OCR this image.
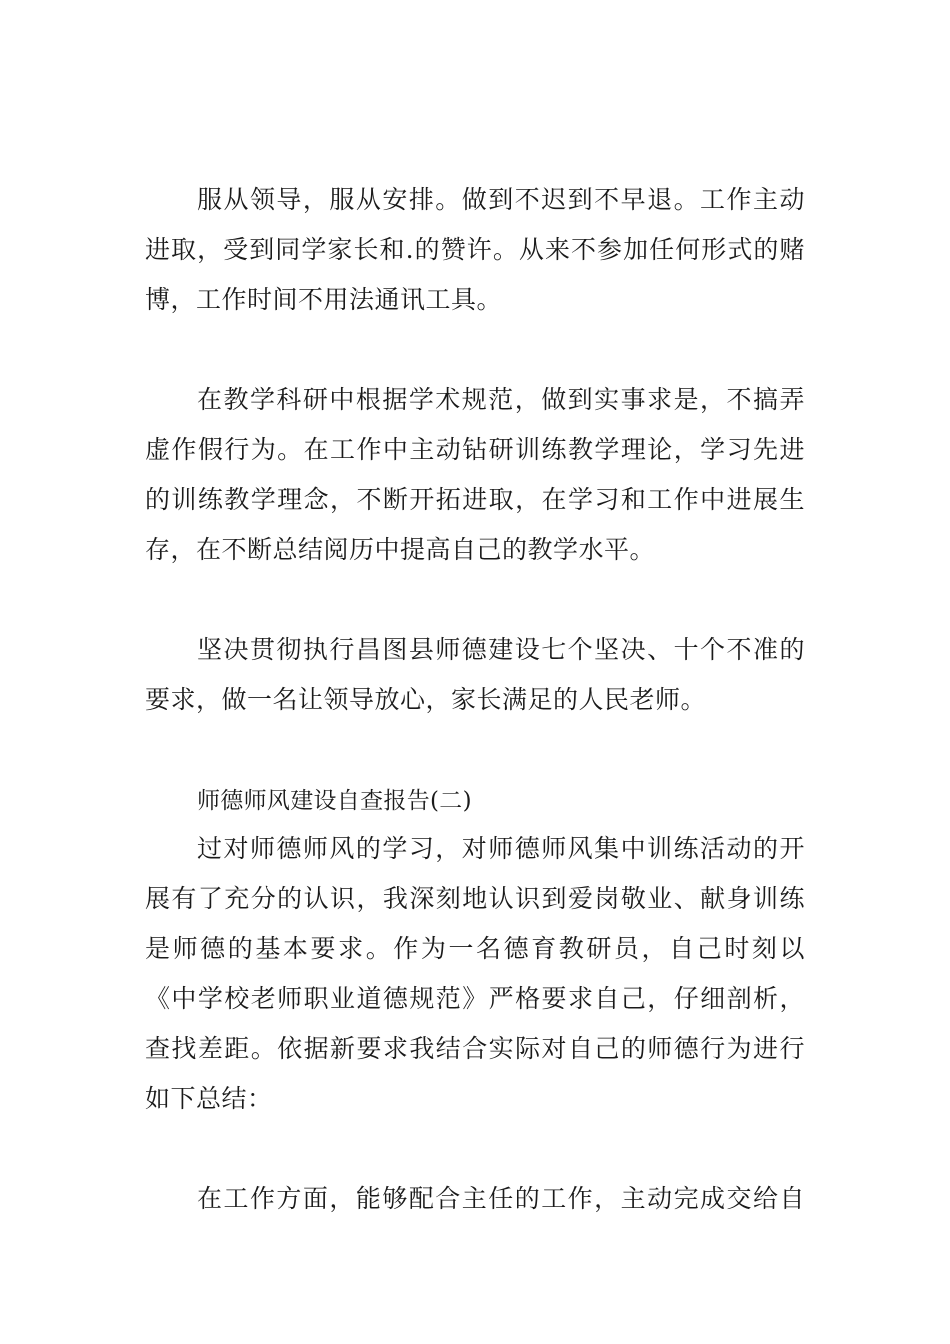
服从领导，服从安排。做到不迟到不早退。工作主动
进取，受到同学家长和.的赞许。从来不参加任何形式的赌
博，工作时间不用法通讯工具。
在教学科研中根据学术规范，做到实事求是，不搞弄
虚作假行为。在工作中主动钻研训练教学理论，学习先进
的训练教学理念，不断开拓进取，在学习和工作中进展生
存，在不断总结阅历中提高自己的教学水平。
坚决贯彻执行昌图县师德建设七个坚决、十个不准的
要求，做一名让领导放心，家长满足的人民老师。
师德师风建设自查报告(二)
过对师德师风的学习，对师德师风集中训练活动的开
展有了充分的认识，我深刻地认识到爱岗敬业、献身训练
是师德的基本要求。作为一名德育教研员，自己时刻以
《中学校老师职业道德规范》严格要求自己，仔细剖析，
查找差距。依据新要求我结合实际对自己的师德行为进行
如下总结：
在工作方面，能够配合主任的工作，主动完成交给自
